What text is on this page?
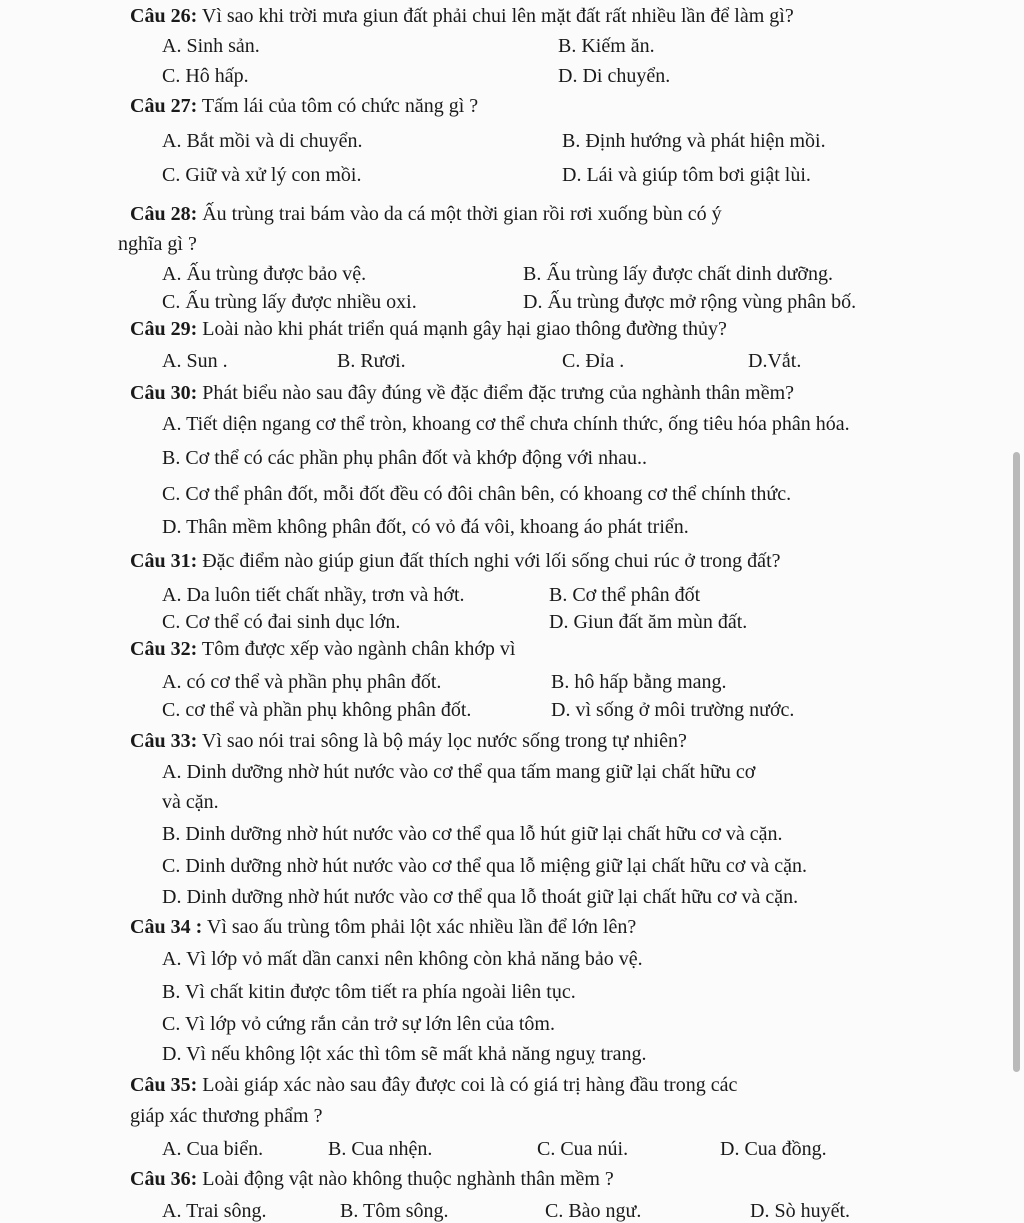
Câu 26: Vì sao khi trời mưa giun đất phải chui lên mặt đất rất nhiều lần để làm gì?
A. Sinh sản.	B. Kiếm ăn.
C. Hô hấp.	D. Di chuyển.
Câu 27: Tấm lái của tôm có chức năng gì ?
A. Bắt mồi và di chuyển.	B. Định hướng và phát hiện mồi.
C. Giữ và xử lý con mồi.	D. Lái và giúp tôm bơi giật lùi.
Câu 28: Ấu trùng trai bám vào da cá một thời gian rồi rơi xuống bùn có ý
nghĩa gì ?
A. Ấu trùng được bảo vệ.	B. Ấu trùng lấy được chất dinh dưỡng.
C. Ấu trùng lấy được nhiều oxi.	D. Ấu trùng được mở rộng vùng phân bố.
Câu 29: Loài nào khi phát triển quá mạnh gây hại giao thông đường thủy?
A. Sun .	B. Rươi.	C. Đỉa .	D.Vắt.
Câu 30: Phát biểu nào sau đây đúng về đặc điểm đặc trưng của nghành thân mềm?
A. Tiết diện ngang cơ thể tròn, khoang cơ thể chưa chính thức, ống tiêu hóa phân hóa.
B. Cơ thể có các phần phụ phân đốt và khớp động với nhau..
C. Cơ thể phân đốt, mỗi đốt đều có đôi chân bên, có khoang cơ thể chính thức.
D. Thân mềm không phân đốt, có vỏ đá vôi, khoang áo phát triển.
Câu 31: Đặc điểm nào giúp giun đất thích nghi với lối sống chui rúc ở trong đất?
A. Da luôn tiết chất nhầy, trơn và hớt.	B. Cơ thể phân đốt
C. Cơ thể có đai sinh dục lớn.	D. Giun đất ăm mùn đất.
Câu 32: Tôm được xếp vào ngành chân khớp vì
A. có cơ thể và phần phụ phân đốt.	B. hô hấp bằng mang.
C. cơ thể và phần phụ không phân đốt.	D. vì sống ở môi trường nước.
Câu 33: Vì sao nói trai sông là bộ máy lọc nước sống trong tự nhiên?
A. Dinh dưỡng nhờ hút nước vào cơ thể qua tấm mang giữ lại chất hữu cơ
và cặn.
B. Dinh dưỡng nhờ hút nước vào cơ thể qua lỗ hút giữ lại chất hữu cơ và cặn.
C. Dinh dưỡng nhờ hút nước vào cơ thể qua lỗ miệng giữ lại chất hữu cơ và cặn.
D. Dinh dưỡng nhờ hút nước vào cơ thể qua lỗ thoát giữ lại chất hữu cơ và cặn.
Câu 34 : Vì sao ấu trùng tôm phải lột xác nhiều lần để lớn lên?
A. Vì lớp vỏ mất dần canxi nên không còn khả năng bảo vệ.
B. Vì chất kitin được tôm tiết ra phía ngoài liên tục.
C. Vì lớp vỏ cứng rắn cản trở sự lớn lên của tôm.
D. Vì nếu không lột xác thì tôm sẽ mất khả năng nguỵ trang.
Câu 35: Loài giáp xác nào sau đây được coi là có giá trị hàng đầu trong các
giáp xác thương phẩm ?
A. Cua biển.	B. Cua nhện.	C. Cua núi.	D. Cua đồng.
Câu 36: Loài động vật nào không thuộc nghành thân mềm ?
A. Trai sông.	B. Tôm sông.	C. Bào ngư.	D. Sò huyết.
